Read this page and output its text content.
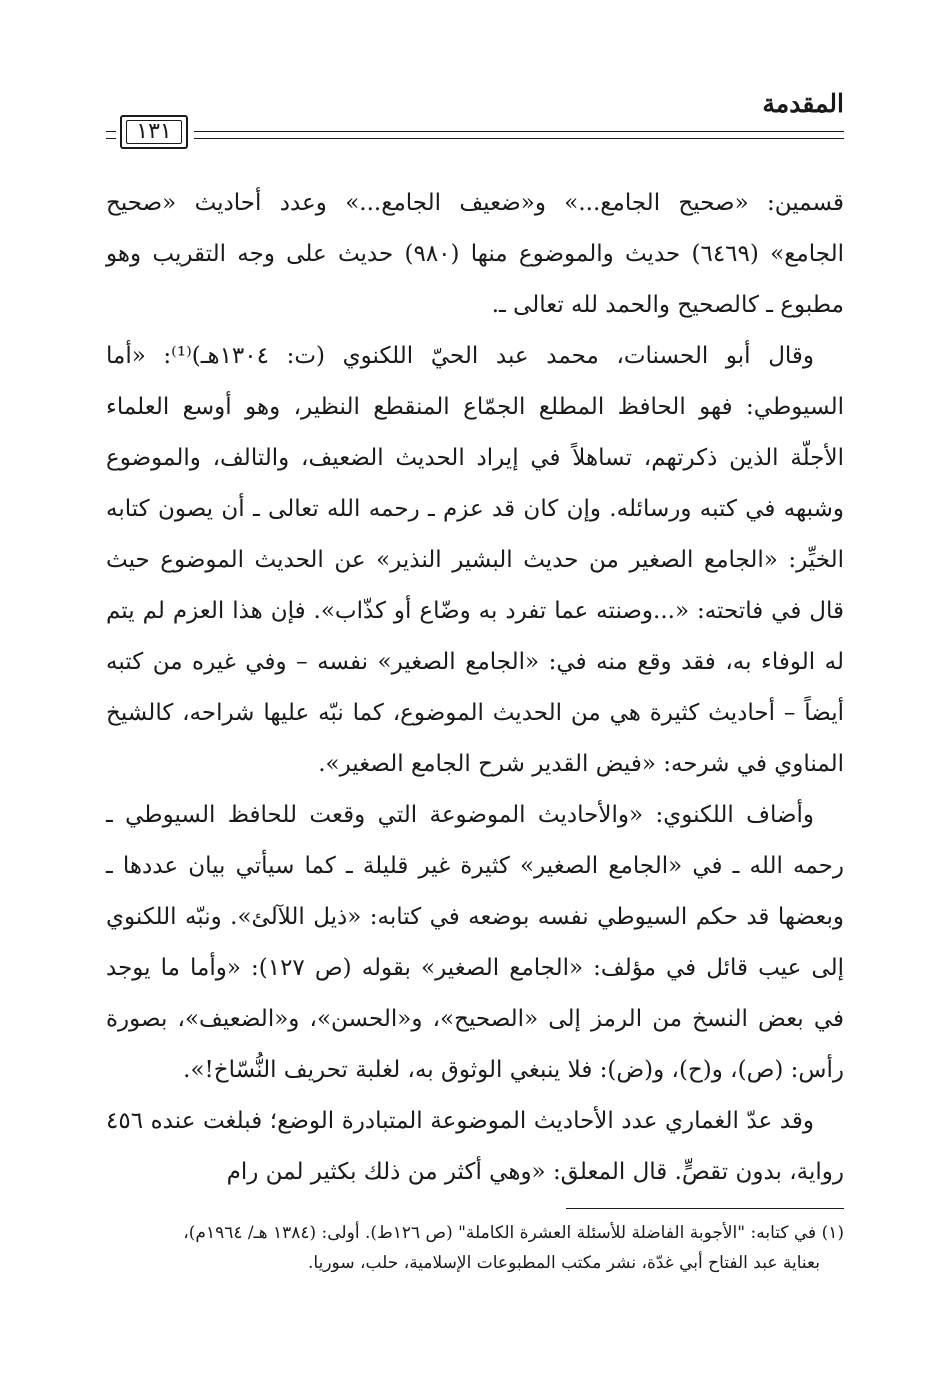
المقدمة
١٣١

قسمين: «صحيح الجامع...» و«ضعيف الجامع...» وعدد أحاديث «صحيح الجامع» (٦٤٦٩) حديث والموضوع منها (٩٨٠) حديث على وجه التقريب وهو مطبوع ـ كالصحيح والحمد لله تعالى ـ.

وقال أبو الحسنات، محمد عبد الحيّ اللكنوي (ت: ١٣٠٤هـ)⁽¹⁾: «أما السيوطي: فهو الحافظ المطلع الجمّاع المنقطع النظير، وهو أوسع العلماء الأجلّة الذين ذكرتهم، تساهلاً في إيراد الحديث الضعيف، والتالف، والموضوع وشبهه في كتبه ورسائله. وإن كان قد عزم ـ رحمه الله تعالى ـ أن يصون كتابه الخيِّر: «الجامع الصغير من حديث البشير النذير» عن الحديث الموضوع حيث قال في فاتحته: «...وصنته عما تفرد به وضّاع أو كذّاب». فإن هذا العزم لم يتم له الوفاء به، فقد وقع منه في: «الجامع الصغير» نفسه – وفي غيره من كتبه أيضاً – أحاديث كثيرة هي من الحديث الموضوع، كما نبّه عليها شراحه، كالشيخ المناوي في شرحه: «فيض القدير شرح الجامع الصغير».

وأضاف اللكنوي: «والأحاديث الموضوعة التي وقعت للحافظ السيوطي ـ رحمه الله ـ في «الجامع الصغير» كثيرة غير قليلة ـ كما سيأتي بيان عددها ـ وبعضها قد حكم السيوطي نفسه بوضعه في كتابه: «ذيل اللآلئ». ونبّه اللكنوي إلى عيب قائل في مؤلف: «الجامع الصغير» بقوله (ص ١٢٧): «وأما ما يوجد في بعض النسخ من الرمز إلى «الصحيح»، و«الحسن»، و«الضعيف»، بصورة رأس: (ص)، و(ح)، و(ض): فلا ينبغي الوثوق به، لغلبة تحريف النُّسّاخ!».

وقد عدّ الغماري عدد الأحاديث الموضوعة المتبادرة الوضع؛ فبلغت عنده ٤٥٦ رواية، بدون تقصٍّ. قال المعلق: «وهي أكثر من ذلك بكثير لمن رام

(١) في كتابه: "الأجوبة الفاضلة للأسئلة العشرة الكاملة" (ص ١٢٦ط). أولى: (١٣٨٤ هـ/ ١٩٦٤م)،

بعناية عبد الفتاح أبي غدّة، نشر مكتب المطبوعات الإسلامية، حلب، سوريا.
